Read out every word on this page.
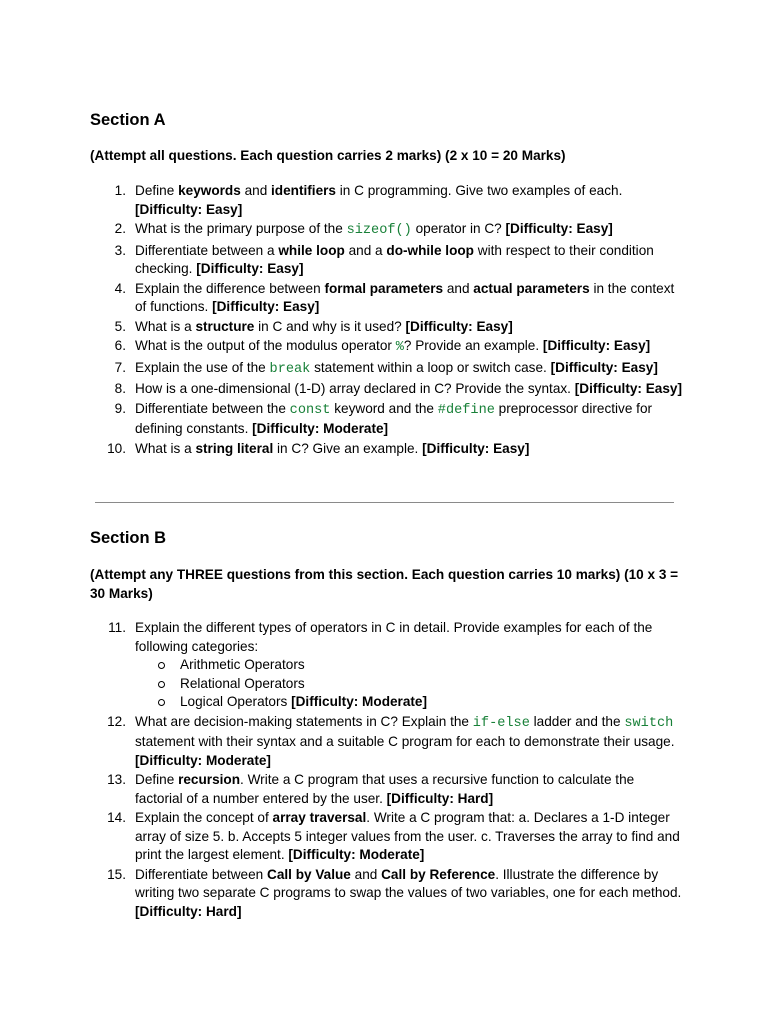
Section A
(Attempt all questions. Each question carries 2 marks) (2 x 10 = 20 Marks)
1. Define keywords and identifiers in C programming. Give two examples of each. [Difficulty: Easy]
2. What is the primary purpose of the sizeof() operator in C? [Difficulty: Easy]
3. Differentiate between a while loop and a do-while loop with respect to their condition checking. [Difficulty: Easy]
4. Explain the difference between formal parameters and actual parameters in the context of functions. [Difficulty: Easy]
5. What is a structure in C and why is it used? [Difficulty: Easy]
6. What is the output of the modulus operator %? Provide an example. [Difficulty: Easy]
7. Explain the use of the break statement within a loop or switch case. [Difficulty: Easy]
8. How is a one-dimensional (1-D) array declared in C? Provide the syntax. [Difficulty: Easy]
9. Differentiate between the const keyword and the #define preprocessor directive for defining constants. [Difficulty: Moderate]
10. What is a string literal in C? Give an example. [Difficulty: Easy]
Section B
(Attempt any THREE questions from this section. Each question carries 10 marks) (10 x 3 = 30 Marks)
11. Explain the different types of operators in C in detail. Provide examples for each of the following categories:
Arithmetic Operators
Relational Operators
Logical Operators [Difficulty: Moderate]
12. What are decision-making statements in C? Explain the if-else ladder and the switch statement with their syntax and a suitable C program for each to demonstrate their usage. [Difficulty: Moderate]
13. Define recursion. Write a C program that uses a recursive function to calculate the factorial of a number entered by the user. [Difficulty: Hard]
14. Explain the concept of array traversal. Write a C program that: a. Declares a 1-D integer array of size 5. b. Accepts 5 integer values from the user. c. Traverses the array to find and print the largest element. [Difficulty: Moderate]
15. Differentiate between Call by Value and Call by Reference. Illustrate the difference by writing two separate C programs to swap the values of two variables, one for each method. [Difficulty: Hard]
